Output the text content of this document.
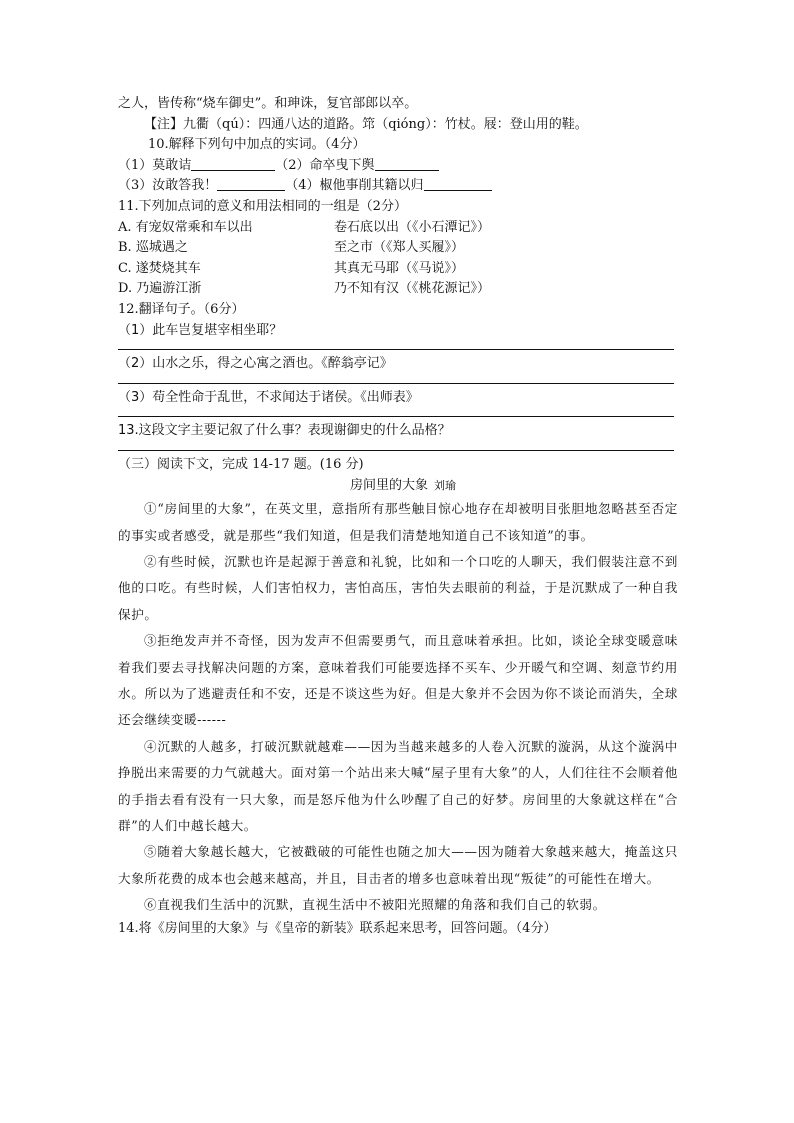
之人，皆传称“烧车御史”。和珅诛，复官部郎以卒。
【注】九衢（qú）：四通八达的道路。筇（qióng）：竹杖。屐：登山用的鞋。
10.解释下列句中加点的实词。（4分）
（1）莫敢诘	（2）命卒曳下舆
（3）汝敢答我！	（4）椒他事削其籍以归
11.下列加点词的意义和用法相同的一组是（2分）
A. 有宠奴常乘和车以出	卷石底以出（《小石潭记》）
B. 巡城遇之	至之市（《郑人买履》）
C. 遂焚烧其车	其真无马耶（《马说》）
D. 乃遍游江浙	乃不知有汉（《桃花源记》）
12.翻译句子。（6分）
（1）此车岂复堪宰相坐耶？
（2）山水之乐，得之心寓之酒也。《醉翁亭记》
（3）苟全性命于乱世，不求闻达于诸侯。《出师表》
13.这段文字主要记叙了什么事？表现谢御史的什么品格？
（三）阅读下文，完成 14-17 题。(16 分)
房间里的大象 刘瑜
①“房间里的大象”，在英文里，意指所有那些触目惊心地存在却被明目张胆地忽略甚至否定的事实或者感受，就是那些“我们知道，但是我们清楚地知道自己不该知道”的事。
②有些时候，沉默也许是起源于善意和礼貌，比如和一个口吃的人聊天，我们假装注意不到他的口吃。有些时候，人们害怕权力，害怕高压，害怕失去眼前的利益，于是沉默成了一种自我保护。
③拒绝发声并不奇怪，因为发声不但需要勇气，而且意味着承担。比如，谈论全球变暖意味着我们要去寻找解决问题的方案，意味着我们可能要选择不买车、少开暖气和空调、刻意节约用水。所以为了逃避责任和不安，还是不谈这些为好。但是大象并不会因为你不谈论而消失，全球还会继续变暖------
④沉默的人越多，打破沉默就越难——因为当越来越多的人卷入沉默的漩涡，从这个漩涡中挣脱出来需要的力气就越大。面对第一个站出来大喊“屋子里有大象”的人，人们往往不会顺着他的手指去看有没有一只大象，而是怒斥他为什么吵醒了自己的好梦。房间里的大象就这样在“合群”的人们中越长越大。
⑤随着大象越长越大，它被戳破的可能性也随之加大——因为随着大象越来越大，掩盖这只大象所花费的成本也会越来越高，并且，目击者的增多也意味着出现“叛徒”的可能性在增大。
⑥直视我们生活中的沉默，直视生活中不被阳光照耀的角落和我们自己的软弱。
14.将《房间里的大象》与《皇帝的新装》联系起来思考，回答问题。（4分）
